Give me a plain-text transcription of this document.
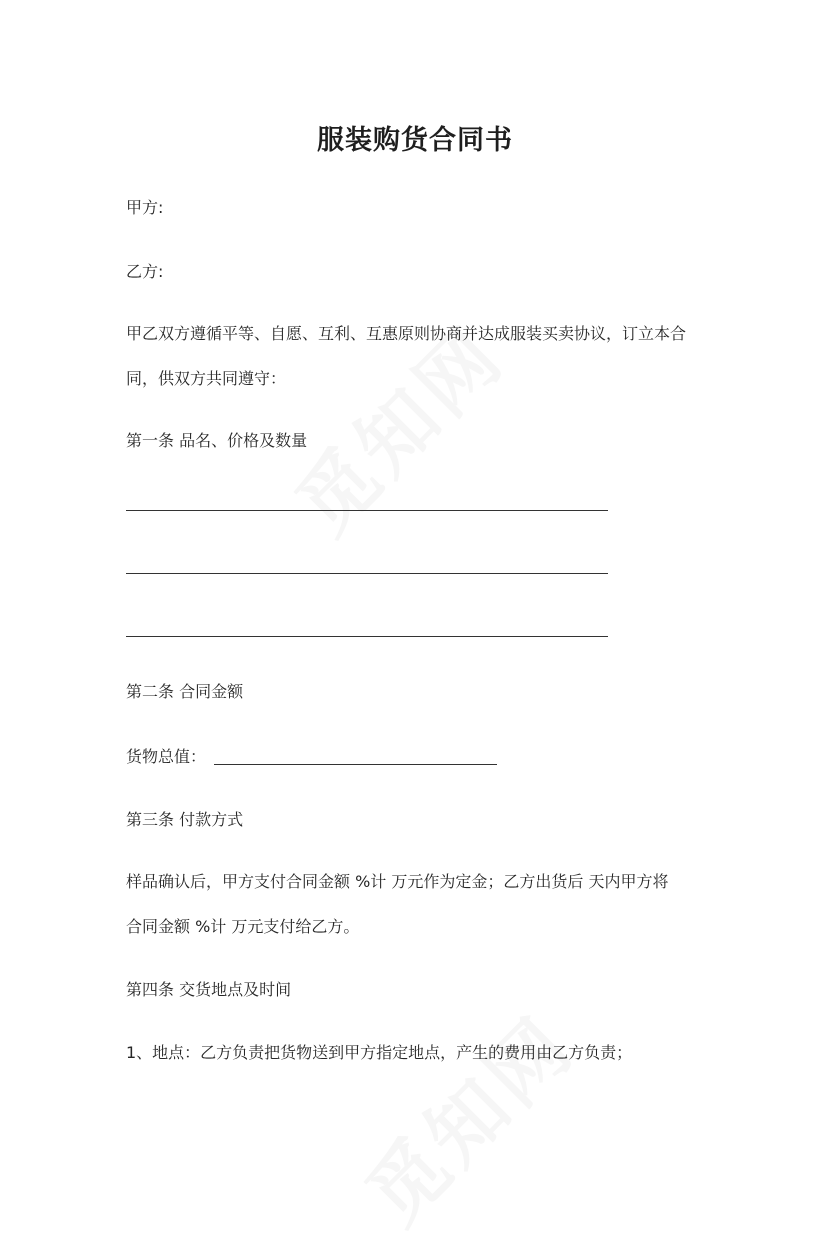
服装购货合同书
甲方:
乙方:
甲乙双方遵循平等、自愿、互利、互惠原则协商并达成服装买卖协议，订立本合
同，供双方共同遵守：
第一条 品名、价格及数量
第二条 合同金额
货物总值：
第三条 付款方式
样品确认后，甲方支付合同金额 %计 万元作为定金；乙方出货后 天内甲方将
合同金额 %计 万元支付给乙方。
第四条 交货地点及时间
1、地点：乙方负责把货物送到甲方指定地点，产生的费用由乙方负责；
